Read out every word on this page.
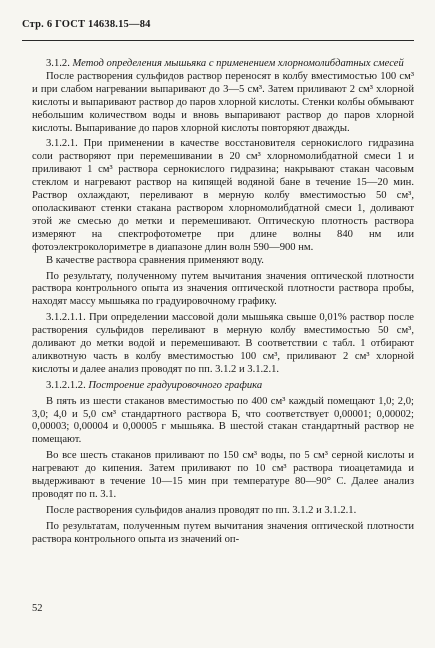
Стр. 6 ГОСТ 14638.15—84

3.1.2. Метод определения мышьяка с применением хлорномолибдатных смесей

После растворения сульфидов раствор переносят в колбу вместимостью 100 см³ и при слабом нагревании выпаривают до 3—5 см³. Затем приливают 2 см³ хлорной кислоты и выпаривают раствор до паров хлорной кислоты. Стенки колбы обмывают небольшим количеством воды и вновь выпаривают раствор до паров хлорной кислоты. Выпаривание до паров хлорной кислоты повторяют дважды.

3.1.2.1. При применении в качестве восстановителя сернокислого гидразина соли растворяют при перемешивании в 20 см³ хлорномолибдатной смеси 1 и приливают 1 см³ раствора сернокислого гидразина; накрывают стакан часовым стеклом и нагревают раствор на кипящей водяной бане в течение 15—20 мин. Раствор охлаждают, переливают в мерную колбу вместимостью 50 см³, ополаскивают стенки стакана раствором хлорномолибдатной смеси 1, доливают этой же смесью до метки и перемешивают. Оптическую плотность раствора измеряют на спектрофотометре при длине волны 840 нм или фотоэлектроколориметре в диапазоне длин волн 590—900 нм.

В качестве раствора сравнения применяют воду.

По результату, полученному путем вычитания значения оптической плотности раствора контрольного опыта из значения оптической плотности раствора пробы, находят массу мышьяка по градуировочному графику.

3.1.2.1.1. При определении массовой доли мышьяка свыше 0,01% раствор после растворения сульфидов переливают в мерную колбу вместимостью 50 см³, доливают до метки водой и перемешивают. В соответствии с табл. 1 отбирают аликвотную часть в колбу вместимостью 100 см³, приливают 2 см³ хлорной кислоты и далее анализ проводят по пп. 3.1.2 и 3.1.2.1.

3.1.2.1.2. Построение градуировочного графика

В пять из шести стаканов вместимостью по 400 см³ каждый помещают 1,0; 2,0; 3,0; 4,0 и 5,0 см³ стандартного раствора Б, что соответствует 0,00001; 0,00002; 0,00003; 0,00004 и 0,00005 г мышьяка. В шестой стакан стандартный раствор не помещают.

Во все шесть стаканов приливают по 150 см³ воды, по 5 см³ серной кислоты и нагревают до кипения. Затем приливают по 10 см³ раствора тиоацетамида и выдерживают в течение 10—15 мин при температуре 80—90° С. Далее анализ проводят по п. 3.1.

После растворения сульфидов анализ проводят по пп. 3.1.2 и 3.1.2.1.

По результатам, полученным путем вычитания значения оптической плотности раствора контрольного опыта из значений оп-

52
